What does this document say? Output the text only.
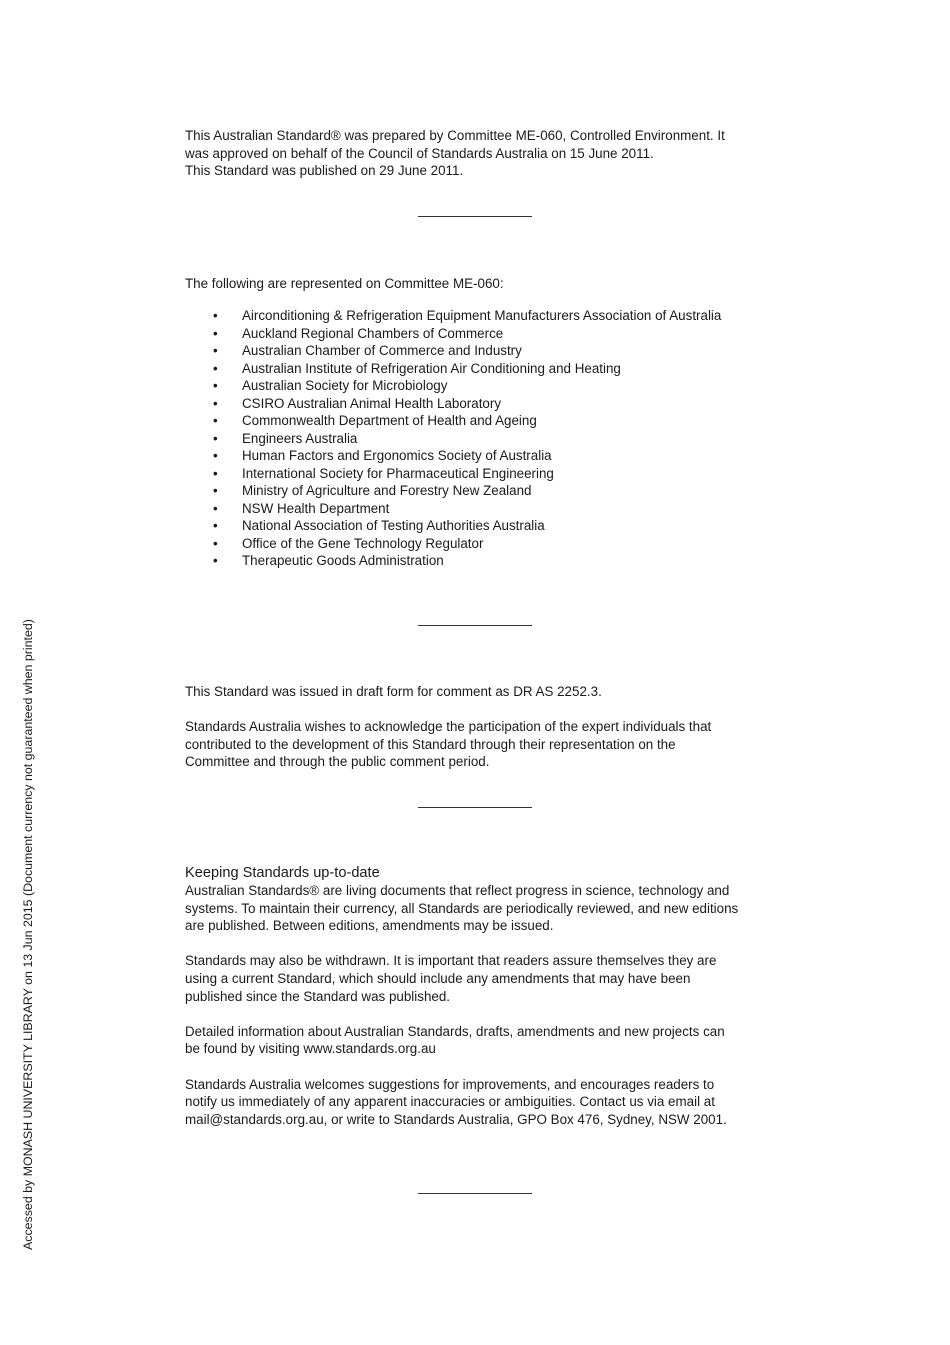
This Australian Standard® was prepared by Committee ME-060, Controlled Environment. It

was approved on behalf of the Council of Standards Australia on 15 June 2011.

This Standard was published on 29 June 2011.

The following are represented on Committee ME-060:

• Airconditioning & Refrigeration Equipment Manufacturers Association of Australia
• Auckland Regional Chambers of Commerce
• Australian Chamber of Commerce and Industry
• Australian Institute of Refrigeration Air Conditioning and Heating
• Australian Society for Microbiology
• CSIRO Australian Animal Health Laboratory
• Commonwealth Department of Health and Ageing
• Engineers Australia
• Human Factors and Ergonomics Society of Australia
• International Society for Pharmaceutical Engineering
• Ministry of Agriculture and Forestry New Zealand
• NSW Health Department
• National Association of Testing Authorities Australia
• Office of the Gene Technology Regulator
• Therapeutic Goods Administration

This Standard was issued in draft form for comment as DR AS 2252.3.

Standards Australia wishes to acknowledge the participation of the expert individuals that

contributed to the development of this Standard through their representation on the

Committee and through the public comment period.

Keeping Standards up-to-date

Australian Standards® are living documents that reflect progress in science, technology and

systems. To maintain their currency, all Standards are periodically reviewed, and new editions

are published. Between editions, amendments may be issued.

Standards may also be withdrawn. It is important that readers assure themselves they are

using a current Standard, which should include any amendments that may have been

published since the Standard was published.

Detailed information about Australian Standards, drafts, amendments and new projects can

be found by visiting www.standards.org.au

Standards Australia welcomes suggestions for improvements, and encourages readers to

notify us immediately of any apparent inaccuracies or ambiguities. Contact us via email at

mail@standards.org.au, or write to Standards Australia, GPO Box 476, Sydney, NSW 2001.

Accessed by MONASH UNIVERSITY LIBRARY on 13 Jun 2015 (Document currency not guaranteed when printed)
